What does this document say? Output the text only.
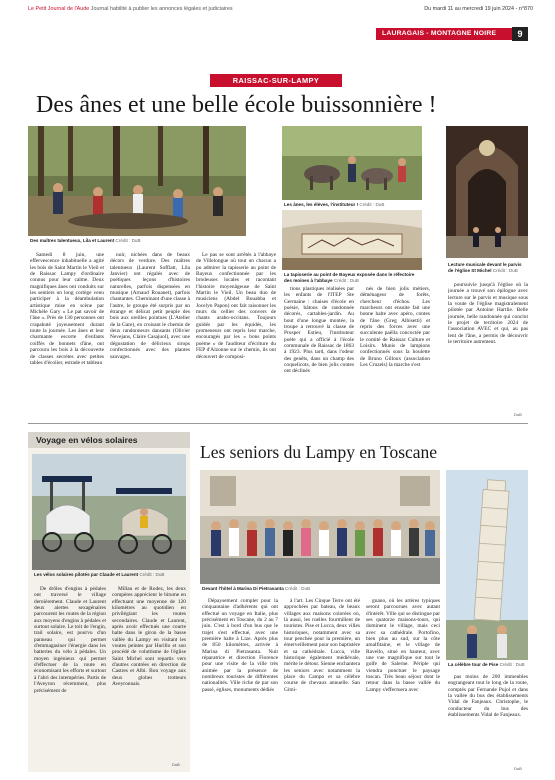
Le Petit Journal de l'Aude Journal habilité à publier les annonces légales et judiciaires	Du mardi 11 au mercredi 19 juin 2024 - n°870
LAURAGAIS - MONTAGNE NOIRE	9
RAISSAC-SUR-LAMPY
Des ânes et une belle école buissonnière !
Des maîtres talentueux, Lila et Laurent Crédit : DuB
Les ânes, les élèves, l'instituteur ! Crédit : DuB
La tapisserie au point de Bayeux exposée dans le réfectoire des moines à l'abbaye Crédit : DuB
Lecture musicale devant le parvis de l'église St Michel Crédit : DuB

Samedi 8 juin, une effervescence inhabituelle a agité les bois de Saint Martin le Vieil et de Raissac Lampy d'ordinaire connus pour leur calme. Deux magnifiques ânes ont conduits sur les sentiers un long cortège venu participer à la déambulation artistique mise en scène par Michèle Gary « Le pat savoir de l'âne ». Près de 130 personnes ont crapahuté joyeusement durant toute la journée. Les ânes et leur charmante escorte d'enfants coiffés de bonnets d'âne, ont parcouru les bois à la découverte de classes secrètes avec petites tables d'écolier, estrade et tableau

noir, nichées dans de beaux décors de verdure. Des maîtres talentueux (Laurent Soffiatt, Lila Janvier) ont régalés avec de poétiques leçons d'histoires naturelles, parfois dispensées en musique (Arnaud Rouanet), parfois chantantes. Cheminant d'une classe à l'autre, le groupe été surpris par un étrange et délicat petit peuple des bois aux oreilles pointues (L'Atelier de la Gare), en croisant le chemin de deux randonneurs dansants (Olivier Nevejans, Claire Casajuol), avec une dégustation de délicieux sirops confectionnés avec des plantes sauvages.

Le pas se sont arrêtés à l'abbaye de Villelongue où tout un chacun a pu admirer la tapisserie au point de Bayeux confectionnée par les brodeuses locales et racontant l'histoire moyenâgeuse de Saint Martin le Vieil. Un beau duo de musiciens (Abdel Bouabba et Jocelyn Papon) ont fait raisonner les murs du cellier des convers de chants arabo-occitans. Toujours guidés par les équidés, les promeneurs ont repris leur marche, encouragés par les « bons points poème » de l'auditeur d'écriture du FEP d'Alzonne sur le chemin, ils ont découvert de composi-

tions plastiques réalisées par les enfants de l'ITEP Ste Germaine : chaises d'école en poésie, bâtons de randonnée décorés, cartables-jardin. Au bout d'une longue montée, la troupe a retrouvé la classe de Prosper Estieu, l'instituteur poète qui a officié à l'école communale de Raissac de 1863 à 1923. Plus tard, dans l'odeur des genêts, dans un champ des coquelicots, de bien jolis contes ont déclinés

nés de bien jolis métiers, déménageur de forêts, chercheur d'échos. Les marcheurs ont ensuite fait une bonne halte avec apéro, contes de l'âne (Greg Albisetti) et repris des forces avec une succulente paëlla concoctée par le comité de Raissac Culture et Loisirs. Munis de lampions confectionnés sous la houlette de Bruno Gilloux (association Les Cruzels) la marche s'est

poursuivie jusqu'à l'église où la journée a trouvé son épilogue avec lecture sur le parvis et musique sous la voute de l'église magistralement pilotée par Antoine Hartlie. Belle journée, belle randonnée qui conclut le projet de territoire 2024 de l'association AVEC et qui, au pas lent de l'âne, a permis de découvrir le territoire autrement.

DuB
Voyage en vélos solaires
Les vélos solaires pilotés par Claude et Laurent Crédit : DuB

De drôles d'engins à pédales ont traversé le village dernièrement. Claude et Laurent deux alertes sexagénaires parcourent les routes de la région aux moyens d'engins à pédales et surtout solaire. Le toit de l'engin, trail solaire, est pourvu d'un panneau qui permet d'emmagasiner l'énergie dans les batteries du vélo à pédales. Un moyen ingénieux qui permet d'effectuer de la route en économisant les efforts et surtout à l'abri des intempéries. Partis de l'Aveyron récemment, plus précisément de

Millau et de Rodez, les deux compères apprécient le bitume en effectuant une moyenne de 120 kilomètres au quotidien en privilégiant les routes secondaires. Claude et Laurent, après avoir effectués une courte halte dans le giron de la basse vallée du Lampy en visitant les voutes peintes par Hurillo et son procédé de voluttisme de l'église Saint Michel sont repartis vers d'autres contrées en direction de Castres et Albi. Bon voyage aux deux globes trotteurs Aveyronnais.

DuB
Les seniors du Lampy en Toscane
Devant l'hôtel à Marina Di Pietrasanta Crédit : DuB
La célèbre tour de Pise Crédit : DuB

Dépaysement complet pour la cinquantaine d'adhérents qui ont effectué un voyage en Italie, plus précisément en Toscane, du 2 au 7 juin. C'est à bord d'un bus que le trajet s'est effectué, avec une première halte à Lize. Après plus de 850 kilomètres, arrivée à Marina di Pietrasanta. Nuit réparatrice et direction Florence pour une visite de la ville très animée par la présence de nombreux touristes de différentes nationalités. Ville riche de par son passé, églises, monuments dédiés

à l'art. Les Cinque Terre ont été approchées par bateau, de beaux villages aux maisons colorées où, là aussi, les ruelles fourmillent de touristes. Pise et Lucca, deux villes historiques, notamment avec sa tour penchée pour la première, un émerveillement pour son baptistère et sa cathédrale. Lucca, ville historique également médiévale, mérite le détour. Sienne enchantera les seniors avec notamment la place du Campo et sa célèbre course de chevaux annuelle. San Gimi-

gnano, où les artères typiques seront parcourues avec autant d'intérêt. Ville qui se distingue par ses quatorze maisons-tours, qui dominent le village, mais ceci avec sa cathédrale. Portofino, bien plus au sud, sur la côte amalfitaine, et le village de Ravello, situé en hauteur, avec une vue magnifique sur tout le golfe de Salerne. Périple qui viendra ponctuer le paysage toscan. Très beau séjour dont le retour dans la basse vallée du Lampy s'effectuera avec

pas moins de 200 immeubles engrangeant tout le long de la route, comptés par Fernande Pujol et dans la vallée du bus des établissements Vidal de Fanjeaux. Christophe, le conducteur du bus des établissements Vidal de Fanjeaux.

DuB
